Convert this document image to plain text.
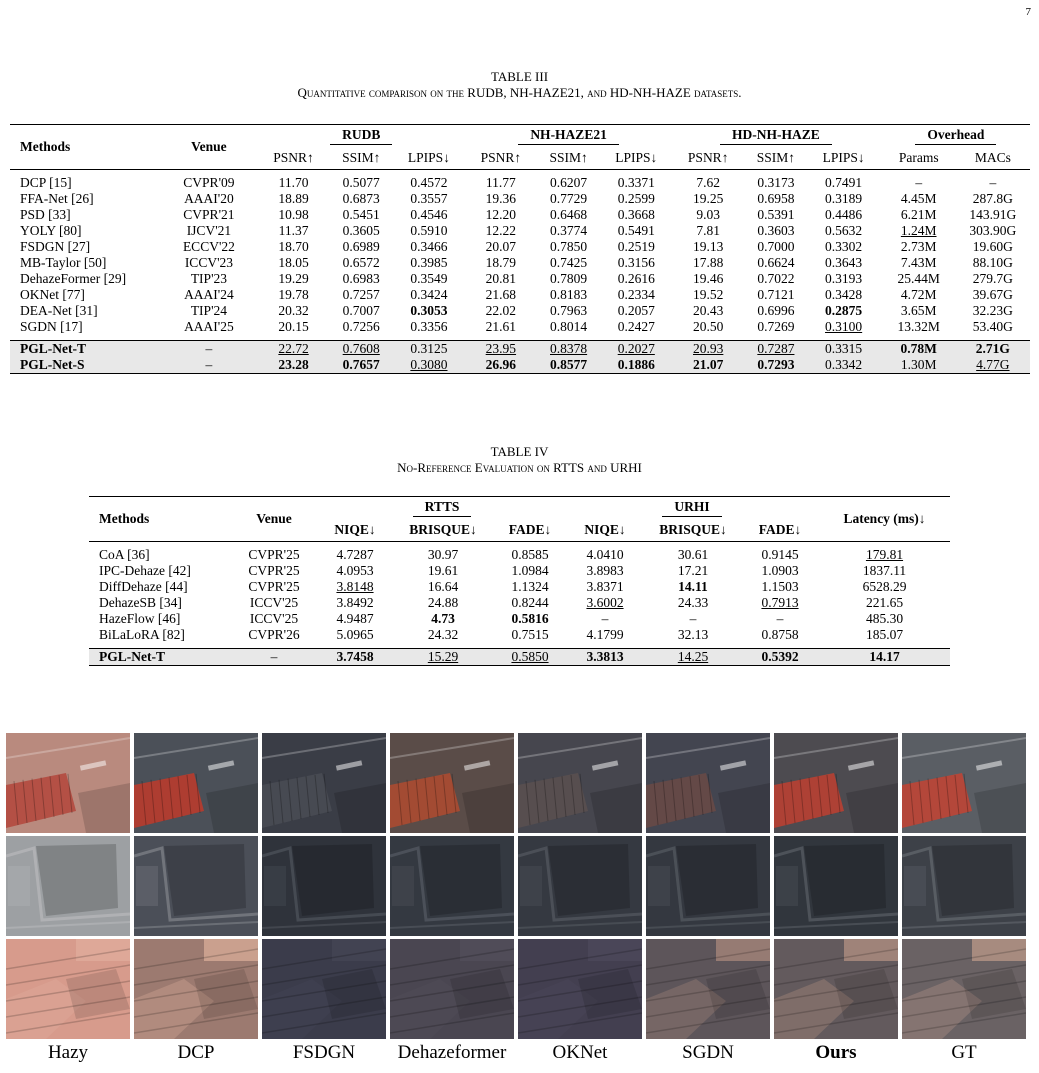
7
TABLE III
Quantitative comparison on the RUDB, NH-HAZE21, and HD-NH-HAZE datasets.

Methods	Venue	RUDB				NH-HAZE21				HD-NH-HAZE				Overhead	
		PSNR↑	SSIM↑	LPIPS↓		PSNR↑	SSIM↑	LPIPS↓		PSNR↑	SSIM↑	LPIPS↓		Params	MACs

DCP [15]	CVPR'09	11.70	0.5077	0.4572		11.77	0.6207	0.3371		7.62	0.3173	0.7491		–	–
FFA-Net [26]	AAAI'20	18.89	0.6873	0.3557		19.36	0.7729	0.2599		19.25	0.6958	0.3189		4.45M	287.8G
PSD [33]	CVPR'21	10.98	0.5451	0.4546		12.20	0.6468	0.3668		9.03	0.5391	0.4486		6.21M	143.91G
YOLY [80]	IJCV'21	11.37	0.3605	0.5910		12.22	0.3774	0.5491		7.81	0.3603	0.5632		1.24M	303.90G
FSDGN [27]	ECCV'22	18.70	0.6989	0.3466		20.07	0.7850	0.2519		19.13	0.7000	0.3302		2.73M	19.60G
MB-Taylor [50]	ICCV'23	18.05	0.6572	0.3985		18.79	0.7425	0.3156		17.88	0.6624	0.3643		7.43M	88.10G
DehazeFormer [29]	TIP'23	19.29	0.6983	0.3549		20.81	0.7809	0.2616		19.46	0.7022	0.3193		25.44M	279.7G
OKNet [77]	AAAI'24	19.78	0.7257	0.3424		21.68	0.8183	0.2334		19.52	0.7121	0.3428		4.72M	39.67G
DEA-Net [31]	TIP'24	20.32	0.7007	0.3053		22.02	0.7963	0.2057		20.43	0.6996	0.2875		3.65M	32.23G
SGDN [17]	AAAI'25	20.15	0.7256	0.3356		21.61	0.8014	0.2427		20.50	0.7269	0.3100		13.32M	53.40G

PGL-Net-T	–	22.72	0.7608	0.3125		23.95	0.8378	0.2027		20.93	0.7287	0.3315		0.78M	2.71G
PGL-Net-S	–	23.28	0.7657	0.3080		26.96	0.8577	0.1886		21.07	0.7293	0.3342		1.30M	4.77G

TABLE IV
No-Reference Evaluation on RTTS and URHI

Methods	Venue	RTTS				URHI				Latency (ms)↓
		NIQE↓	BRISQUE↓	FADE↓		NIQE↓	BRISQUE↓	FADE↓		

CoA [36]	CVPR'25	4.7287	30.97	0.8585		4.0410	30.61	0.9145		179.81
IPC-Dehaze [42]	CVPR'25	4.0953	19.61	1.0984		3.8983	17.21	1.0903		1837.11
DiffDehaze [44]	CVPR'25	3.8148	16.64	1.1324		3.8371	14.11	1.1503		6528.29
DehazeSB [34]	ICCV'25	3.8492	24.88	0.8244		3.6002	24.33	0.7913		221.65
HazeFlow [46]	ICCV'25	4.9487	4.73	0.5816		–	–	–		485.30
BiLaLoRA [82]	CVPR'26	5.0965	24.32	0.7515		4.1799	32.13	0.8758		185.07

PGL-Net-T	–	3.7458	15.29	0.5850		3.3813	14.25	0.5392		14.17

Hazy	DCP	FSDGN	Dehazeformer	OKNet	SGDN	Ours	GT
